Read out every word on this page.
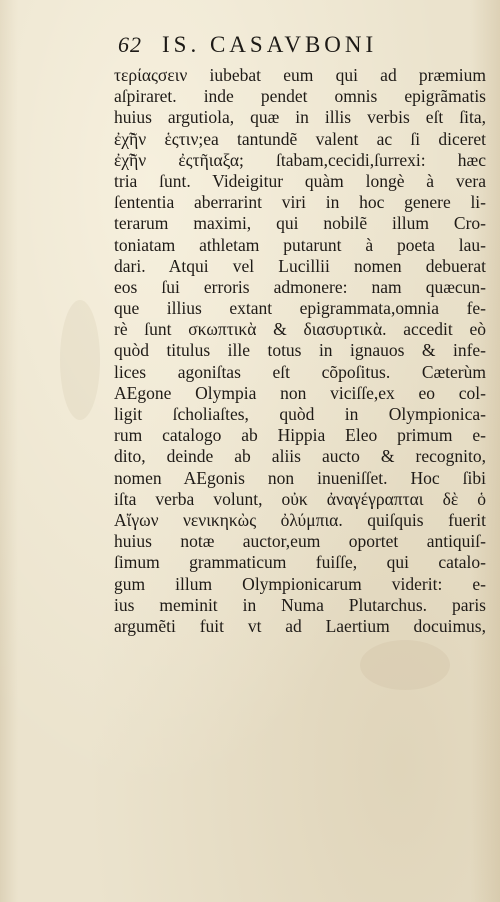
62 IS. CASAVBONI
τερίαςσειν iubebat eum qui ad præmium
aſpiraret. inde pendet omnis epigrãmatis
huius argutiola, quæ in illis verbis eſt ſita,
ἐχ̃ῆν ἑςτιν;ea tantundẽ valent ac ſi diceret
ἐχ̃ῆν ἐςτῆιαξα; ſtabam,cecidi,ſurrexi: hæc
tria ſunt. Videigitur quàm longè à vera
ſententia aberrarint viri in hoc genere li-
terarum maximi, qui nobilẽ illum Cro-
toniatam athletam putarunt à poeta lau-
dari. Atqui vel Lucillii nomen debuerat
eos ſui erroris admonere: nam quæcun-
que illius extant epigrammata,omnia fe-
rè ſunt σκωπτικὰ & διασυρτικὰ. accedit eò
quòd titulus ille totus in ignauos & infe-
lices agoniſtas eſt cõpoſitus. Cæterùm
AEgone Olympia non viciſſe,ex eo col-
ligit ſcholiaſtes, quòd in Olympionica-
rum catalogo ab Hippia Eleo primum e-
dito, deinde ab aliis aucto & recognito,
nomen AEgonis non inueniſſet. Hoc ſibi
iſta verba volunt, οὐκ ἀναγέγραπται δὲ ὁ
Αἴγων νενικηκὼς ὀλύμπια. quiſquis fuerit
huius notæ auctor,eum oportet antiquiſ-
ſimum grammaticum fuiſſe, qui catalo-
gum illum Olympionicarum viderit: e-
ius meminit in Numa Plutarchus. paris
argumẽti fuit vt ad Laertium docuimus,
